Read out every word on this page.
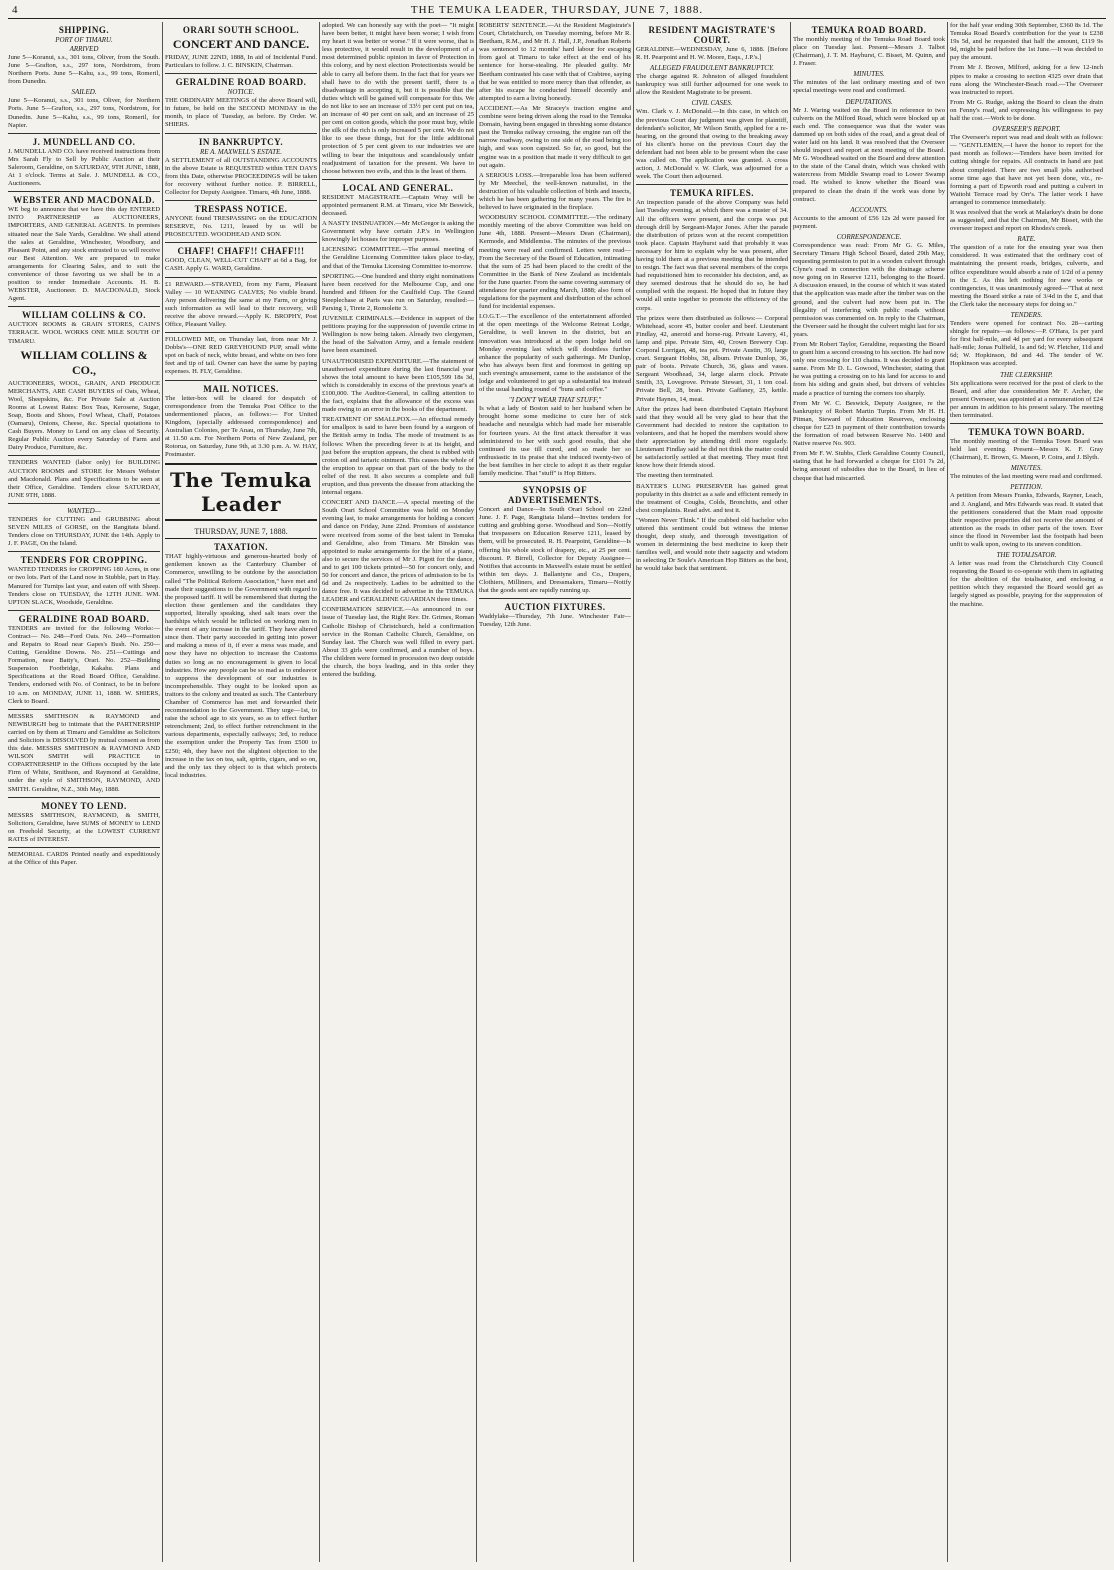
4	THE TEMUKA LEADER, THURSDAY, JUNE 7, 1888.
SHIPPING.
PORT OF TIMARU.
ARRIVED

June 5—Koranui, s.s., 301 tons, Oliver, from the South. June 5—Grafton, s.s., 297 tons, Nordstrom, from Northern Ports. June 5—Kahu, s.s., 99 tons, Romeril, from Dunedin.

SAILED.

June 5—Koranui, s.s., 301 tons, Oliver, for Northern Ports. June 5—Grafton, s.s., 297 tons, Nordstrom, for Dunedin. June 5—Kahu, s.s., 99 tons, Romeril, for Napier.

J. MUNDELL AND CO.

J. MUNDELL AND CO. have received instructions from Mrs Sarah Fly to Sell by Public Auction at their Saleroom, Geraldine, on SATURDAY, 9TH JUNE, 1888, At 1 o'clock. Terms at Sale. J. MUNDELL & CO., Auctioneers.

WEBSTER AND MACDONALD.

WE beg to announce that we have this day ENTERED INTO PARTNERSHIP as AUCTIONEERS, IMPORTERS, AND GENERAL AGENTS. In premises situated near the Sale Yards, Geraldine. We shall attend the sales at Geraldine, Winchester, Woodbury, and Pleasant Point, and any stock entrusted to us will receive our Best Attention. We are prepared to make arrangements for Clearing Sales, and to suit the convenience of those favoring us we shall be in a position to render Immediate Accounts. H. B. WEBSTER, Auctioneer. D. MACDONALD, Stock Agent.

WILLIAM COLLINS & CO.

AUCTION ROOMS & GRAIN STORES, CAIN'S TERRACE. WOOL WORKS ONE MILE SOUTH OF TIMARU.

WILLIAM COLLINS & CO.,

AUCTIONEERS, WOOL, GRAIN, AND PRODUCE MERCHANTS, ARE CASH BUYERS of Oats, Wheat, Wool, Sheepskins, &c. For Private Sale at Auction Rooms at Lowest Rates: Box Teas, Kerosene, Sugar, Soap, Boots and Shoes, Fowl Wheat, Chaff, Potatoes (Oamaru), Onions, Cheese, &c. Special quotations to Cash Buyers. Money to Lend on any class of Security. Regular Public Auction every Saturday of Farm and Dairy Produce, Furniture, &c.

TENDERS WANTED (labor only) for BUILDING AUCTION ROOMS and STORE for Messrs Webster and Macdonald. Plans and Specifications to be seen at their Office, Geraldine. Tenders close SATURDAY, JUNE 9TH, 1888.

WANTED—

TENDERS for CUTTING and GRUBBING about SEVEN MILES of GORSE, on the Rangitata Island. Tenders close on THURSDAY, JUNE the 14th. Apply to J. F. PAGE, On the Island.

TENDERS FOR CROPPING.

WANTED TENDERS for CROPPING 180 Acres, in one or two lots. Part of the Land now in Stubble, part in Hay. Manured for Turnips last year, and eaten off with Sheep. Tenders close on TUESDAY, the 12TH JUNE. WM. UPTON SLACK, Woodside, Geraldine.

GERALDINE ROAD BOARD.

TENDERS are invited for the following Works:— Contract— No. 248—Ford Oats. No. 249—Formation and Repairs to Road near Gapes's Bush. No. 250—Cutting, Geraldine Downs. No. 251—Cuttings and Formation, near Batty's, Orari. No. 252—Building Suspension Footbridge, Kakahu. Plans and Specifications at the Road Board Office, Geraldine. Tenders, endorsed with No. of Contract, to be in before 10 a.m. on MONDAY, JUNE 11, 1888. W. SHIERS, Clerk to Board.

MESSRS SMITHSON & RAYMOND and NEWBURGH beg to intimate that the PARTNERSHIP carried on by them at Timaru and Geraldine as Solicitors and Solicitors is DISSOLVED by mutual consent as from this date. MESSRS SMITHSON & RAYMOND AND WILSON SMITH will PRACTICE in COPARTNERSHIP in the Offices occupied by the late Firm of White, Smithson, and Raymond at Geraldine, under the style of SMITHSON, RAYMOND, AND SMITH. Geraldine, N.Z., 30th May, 1888.

MONEY TO LEND.

MESSRS SMITHSON, RAYMOND, & SMITH, Solicitors, Geraldine, have SUMS of MONEY to LEND on Freehold Security, at the LOWEST CURRENT RATES of INTEREST.

MEMORIAL CARDS Printed neatly and expeditiously at the Office of this Paper.

ORARI SOUTH SCHOOL.
CONCERT AND DANCE.

FRIDAY, JUNE 22ND, 1888, In aid of Incidental Fund. Particulars to follow. J. C. BINSKIN, Chairman.

GERALDINE ROAD BOARD.
NOTICE.

THE ORDINARY MEETINGS of the above Board will, in future, be held on the SECOND MONDAY in the month, in place of Tuesday, as before. By Order. W. SHIERS.

IN BANKRUPTCY.
RE A. MAXWELL'S ESTATE.

A SETTLEMENT of all OUTSTANDING ACCOUNTS in the above Estate is REQUESTED within TEN DAYS from this Date, otherwise PROCEEDINGS will be taken for recovery without further notice. P. BIRRELL, Collector for Deputy Assignee. Timaru, 4th June, 1888.

TRESPASS NOTICE.

ANYONE found TRESPASSING on the EDUCATION RESERVE, No. 1211, leased by us will be PROSECUTED. WOODHEAD AND SON.

CHAFF! CHAFF!! CHAFF!!!

GOOD, CLEAN, WELL-CUT CHAFF at 6d a Bag, for CASH. Apply G. WARD, Geraldine.

£1 REWARD.—STRAYED, from my Farm, Pleasant Valley — 10 WEANING CALVES; No visible brand. Any person delivering the same at my Farm, or giving such information as will lead to their recovery, will receive the above reward.—Apply K. BROPHY, Post Office, Pleasant Valley.

FOLLOWED ME, on Thursday last, from near Mr J. Dobbs's—ONE RED GREYHOUND PUP, small white spot on back of neck, white breast, and white on two fore feet and tip of tail. Owner can have the same by paying expenses. H. FLY, Geraldine.

MAIL NOTICES.

The letter-box will be cleared for despatch of correspondence from the Temuka Post Office to the undermentioned places, as follows:— For United Kingdom, (specially addressed correspondence) and Australian Colonies, per Te Anau, on Thursday, June 7th, at 11.50 a.m. For Northern Ports of New Zealand, per Rotorua, on Saturday, June 9th, at 3.30 p.m. A. W. HAY, Postmaster.

The Temuka Leader
THURSDAY, JUNE 7, 1888.
TAXATION.

THAT highly-virtuous and generous-hearted body of gentlemen known as the Canterbury Chamber of Commerce, unwilling to be outdone by the association called "The Political Reform Association," have met and made their suggestions to the Government with regard to the proposed tariff. It will be remembered that during the election these gentlemen and the candidates they supported, literally speaking, shed salt tears over the hardships which would be inflicted on working men in the event of any increase in the tariff. They have altered since then. Their party succeeded in getting into power and making a mess of it, if ever a mess was made, and now they have no objection to increase the Customs duties so long as no encouragement is given to local industries. How any people can be so mad as to endeavor to suppress the development of our industries is incomprehensible. They ought to be looked upon as traitors to the colony and treated as such. The Canterbury Chamber of Commerce has met and forwarded their recommendation to the Government. They urge—1st, to raise the school age to six years, so as to effect further retrenchment; 2nd, to effect further retrenchment in the various departments, especially railways; 3rd, to reduce the exemption under the Property Tax from £500 to £250; 4th, they have not the slightest objection to the increase in the tax on tea, salt, spirits, cigars, and so on, and the only tax they object to is that which protects local industries.

adopted. We can honestly say with the poet— "It might have been better, it might have been worse; I wish from my heart it was better or worse." If it were worse, that is less protective, it would result in the development of a most determined public opinion in favor of Protection in this colony, and by next election Protectionists would be able to carry all before them. In the fact that for years we shall have to do with the present tariff, there is a disadvantage in accepting it, but it is possible that the duties which will be gained will compensate for this. We do not like to see an increase of 33½ per cent put on tea, an increase of 40 per cent on salt, and an increase of 25 per cent on cotton goods, which the poor must buy, while the silk of the rich is only increased 5 per cent. We do not like to see these things, but for the little additional protection of 5 per cent given to our industries we are willing to bear the iniquitous and scandalously unfair readjustment of taxation for the present. We have to choose between two evils, and this is the least of them.

LOCAL AND GENERAL.

RESIDENT MAGISTRATE.—Captain Wray will be appointed permanent R.M. at Timaru, vice Mr Beswick, deceased.

A NASTY INSINUATION.—Mr McGregor is asking the Government why have certain J.P.'s in Wellington knowingly let houses for improper purposes.

LICENSING COMMITTEE.—The annual meeting of the Geraldine Licensing Committee takes place to-day, and that of the Temuka Licensing Committee to-morrow.

SPORTING.—One hundred and thirty eight nominations have been received for the Melbourne Cup, and one hundred and fifteen for the Caulfield Cup. The Grand Steeplechase at Paris was run on Saturday, resulted:—Parsing 1, Tirete 2, Romolette 3.

JUVENILE CRIMINALS.—Evidence in support of the petitions praying for the suppression of juvenile crime in Wellington is now being taken. Already two clergymen, the head of the Salvation Army, and a female resident have been examined.

UNAUTHORISED EXPENDITURE.—The statement of unauthorised expenditure during the last financial year shows the total amount to have been £105,599 18s 3d, which is considerably in excess of the previous year's at £100,000. The Auditor-General, in calling attention to the fact, explains that the allowance of the excess was made owing to an error in the books of the department.

TREATMENT OF SMALLPOX.—An effectual remedy for smallpox is said to have been found by a surgeon of the British army in India. The mode of treatment is as follows: When the preceding fever is at its height, and just before the eruption appears, the chest is rubbed with croton oil and tartaric ointment. This causes the whole of the eruption to appear on that part of the body to the relief of the rest. It also secures a complete and full eruption, and thus prevents the disease from attacking the internal organs.

CONCERT AND DANCE.—A special meeting of the South Orari School Committee was held on Monday evening last, to make arrangements for holding a concert and dance on Friday, June 22nd. Promises of assistance were received from some of the best talent in Temuka and Geraldine, also from Timaru. Mr Binskin was appointed to make arrangements for the hire of a piano, also to secure the services of Mr J. Pigott for the dance, and to get 100 tickets printed—50 for concert only, and 50 for concert and dance, the prices of admission to be 1s 6d and 2s respectively. Ladies to be admitted to the dance free. It was decided to advertise in the TEMUKA LEADER and GERALDINE GUARDIAN three times.

CONFIRMATION SERVICE.—As announced in our issue of Tuesday last, the Right Rev. Dr. Grimes, Roman Catholic Bishop of Christchurch, held a confirmation service in the Roman Catholic Church, Geraldine, on Sunday last. The Church was well filled in every part. About 33 girls were confirmed, and a number of boys. The children were formed in procession two deep outside the church, the boys leading, and in this order they entered the building.

ROBERTS' SENTENCE.—At the Resident Magistrate's Court, Christchurch, on Tuesday morning, before Mr R. Beetham, R.M., and Mr H. J. Hall, J.P., Jonathan Roberts was sentenced to 12 months' hard labour for escaping from gaol at Timaru to take effect at the end of his sentence for horse-stealing. He pleaded guilty. Mr Beetham contrasted his case with that of Crabtree, saying that he was entitled to more mercy than that offender, as after his escape he conducted himself decently and attempted to earn a living honestly.

ACCIDENT.—As Mr Stracey's traction engine and combine were being driven along the road to the Temuka Domain, having been engaged in threshing some distance past the Temuka railway crossing, the engine ran off the narrow roadway, owing to one side of the road being too high, and was soon capsized. So far, so good, but the engine was in a position that made it very difficult to get out again.

A SERIOUS LOSS.—Irreparable loss has been suffered by Mr Meechel, the well-known naturalist, in the destruction of his valuable collection of birds and insects, which he has been gathering for many years. The fire is believed to have originated in the fireplace.

WOODBURY SCHOOL COMMITTEE.—The ordinary monthly meeting of the above Committee was held on June 4th, 1888. Present—Messrs Dean (Chairman), Kermode, and Middlemiss. The minutes of the previous meeting were read and confirmed. Letters were read—From the Secretary of the Board of Education, intimating that the sum of 25 had been placed to the credit of the Committee in the Bank of New Zealand as incidentals for the June quarter. From the same covering summary of attendance for quarter ending March, 1888; also form of regulations for the payment and distribution of the school fund for incidental expenses.

I.O.G.T.—The excellence of the entertainment afforded at the open meetings of the Welcome Retreat Lodge, Geraldine, is well known in the district, but an innovation was introduced at the open lodge held on Monday evening last which will doubtless further enhance the popularity of such gatherings. Mr Dunlop, who has always been first and foremost in getting up such evening's amusement, came to the assistance of the lodge and volunteered to get up a substantial tea instead of the usual handing round of "buns and coffee."

"I DON'T WEAR THAT STUFF,"

Is what a lady of Boston said to her husband when he brought home some medicine to cure her of sick headache and neuralgia which had made her miserable for fourteen years. At the first attack thereafter it was administered to her with such good results, that she continued its use till cured, and so made her so enthusiastic in its praise that she induced twenty-two of the best families in her circle to adopt it as their regular family medicine. That "stuff" is Hop Bitters.

SYNOPSIS OF ADVERTISEMENTS.

Concert and Dance—In South Orari School on 22nd June. J. F. Page, Rangitata Island—Invites tenders for cutting and grubbing gorse. Woodhead and Son—Notify that trespassers on Education Reserve 1211, leased by them, will be prosecuted. R. H. Pearpoint, Geraldine—Is offering his whole stock of drapery, etc., at 25 per cent. discount. P. Birrell, Collector for Deputy Assignee—Notifies that accounts in Maxwell's estate must be settled within ten days. J. Ballantyne and Co., Drapers, Clothiers, Milliners, and Dressmakers, Timaru—Notify that the goods sent are rapidly running up.

AUCTION FIXTURES.

Waddylake—Thursday, 7th June. Winchester Fair—Tuesday, 12th June.

RESIDENT MAGISTRATE'S COURT.

GERALDINE—WEDNESDAY, June 6, 1888. [Before R. H. Pearpoint and H. W. Moore, Esqs., J.P.'s.]

ALLEGED FRAUDULENT BANKRUPTCY.

The charge against R. Johnston of alleged fraudulent bankruptcy was still further adjourned for one week to allow the Resident Magistrate to be present.

CIVIL CASES.

Wm. Clark v. J. McDonald.—In this case, in which on the previous Court day judgment was given for plaintiff, defendant's solicitor, Mr Wilson Smith, applied for a re-hearing, on the ground that owing to the breaking away of his client's horse on the previous Court day the defendant had not been able to be present when the case was called on. The application was granted. A cross action, J. McDonald v. W. Clark, was adjourned for a week. The Court then adjourned.

TEMUKA RIFLES.

An inspection parade of the above Company was held last Tuesday evening, at which there was a muster of 34. All the officers were present, and the corps was put through drill by Sergeant-Major Jones. After the parade the distribution of prizes won at the recent competition took place. Captain Hayhurst said that probably it was necessary for him to explain why he was present, after having told them at a previous meeting that he intended to resign. The fact was that several members of the corps had requisitioned him to reconsider his decision, and, as they seemed desirous that he should do so, he had complied with the request. He hoped that in future they would all unite together to promote the efficiency of the corps.

The prizes were then distributed as follows:— Corporal Whitehead, score 45, butter cooler and beef. Lieutenant Findlay, 42, aneroid and horse-rug. Private Lavery, 41, lamp and pipe. Private Sim, 40, Crown Brewery Cup. Corporal Lorrigan, 48, tea pot. Private Austin, 39, large cruet. Sergeant Hobbs, 38, album. Private Dunlop, 36, pair of boots. Private Church, 36, glass and vases. Sergeant Woodhead, 34, large alarm clock. Private Smith, 33, Lovegrove. Private Stewart, 31, 1 ton coal. Private Bell, 28, bran. Private Gaffaney, 25, kettle. Private Haynes, 14, meat.

After the prizes had been distributed Captain Hayhurst said that they would all be very glad to hear that the Government had decided to restore the capitation to volunteers, and that he hoped the members would show their appreciation by attending drill more regularly. Lieutenant Findlay said he did not think the matter could be satisfactorily settled at that meeting. They must first know how their friends stood.

The meeting then terminated.

BAXTER'S LUNG PRESERVER has gained great popularity in this district as a safe and efficient remedy in the treatment of Coughs, Colds, Bronchitis, and other chest complaints. Read advt. and test it.

"Women Never Think." If the crabbed old bachelor who uttered this sentiment could but witness the intense thought, deep study, and thorough investigation of women in determining the best medicine to keep their families well, and would note their sagacity and wisdom in selecting Dr Soule's American Hop Bitters as the best, he would take back that sentiment.

TEMUKA ROAD BOARD.

The monthly meeting of the Temuka Road Board took place on Tuesday last. Present—Messrs J. Talbot (Chairman), J. T. M. Hayhurst, C. Bisset, M. Quinn, and J. Fraser.

MINUTES.

The minutes of the last ordinary meeting and of two special meetings were read and confirmed.

DEPUTATIONS.

Mr J. Waring waited on the Board in reference to two culverts on the Milford Road, which were blocked up at each end. The consequence was that the water was dammed up on both sides of the road, and a great deal of water laid on his land. It was resolved that the Overseer should inspect and report at next meeting of the Board. Mr G. Woodhead waited on the Board and drew attention to the state of the Canal drain, which was choked with watercress from Middle Swamp road to Lower Swamp road. He wished to know whether the Board was prepared to clean the drain if the work was done by contract.

ACCOUNTS.

Accounts to the amount of £56 12s 2d were passed for payment.

CORRESPONDENCE.

Correspondence was read: From Mr G. G. Miles, Secretary Timaru High School Board, dated 29th May, requesting permission to put in a wooden culvert through Clyne's road in connection with the drainage scheme now going on in Reserve 1211, belonging to the Board. A discussion ensued, in the course of which it was stated that the application was made after the timber was on the ground, and the culvert had now been put in. The illegality of interfering with public roads without permission was commented on. In reply to the Chairman, the Overseer said he thought the culvert might last for six years.

From Mr Robert Taylor, Geraldine, requesting the Board to grant him a second crossing to his section. He had now only one crossing for 110 chains. It was decided to grant same. From Mr D. L. Gowood, Winchester, stating that he was putting a crossing on to his land for access to and from his siding and grain shed, but drivers of vehicles made a practice of turning the corners too sharply.

From Mr W. C. Beswick, Deputy Assignee, re the bankruptcy of Robert Martin Turpin. From Mr H. H. Pitman, Steward of Education Reserves, enclosing cheque for £23 in payment of their contribution towards the formation of road between Reserve No. 1400 and Native reserve No. 903.

From Mr F. W. Stubbs, Clerk Geraldine County Council, stating that he had forwarded a cheque for £101 7s 2d, being amount of subsidies due to the Board, in lieu of cheque that had miscarried.

for the half year ending 30th September, £360 8s 1d. The Temuka Road Board's contribution for the year is £238 19s 5d, and he requested that half the amount, £119 9s 9d, might be paid before the 1st June.—It was decided to pay the amount.

From Mr J. Brown, Milford, asking for a few 12-inch pipes to make a crossing to section 4325 over drain that runs along the Winchester-Beach road.—The Overseer was instructed to report.

From Mr G. Rudge, asking the Board to clean the drain on Fenny's road, and expressing his willingness to pay half the cost.—Work to be done.

OVERSEER'S REPORT.

The Overseer's report was read and dealt with as follows:— "GENTLEMEN,—I have the honor to report for the past month as follows:—Tenders have been invited for cutting shingle for repairs. All contracts in hand are just about completed. There are two small jobs authorised some time ago that have not yet been done, viz., re-forming a part of Epworth road and putting a culvert in Waitohi Terrace road by Orr's. The latter work I have arranged to commence immediately.

It was resolved that the work at Malarkey's drain be done as suggested, and that the Chairman, Mr Bisset, with the overseer inspect and report on Rhodes's creek.

RATE.

The question of a rate for the ensuing year was then considered. It was estimated that the ordinary cost of maintaining the present roads, bridges, culverts, and office expenditure would absorb a rate of 1/2d of a penny in the £. As this left nothing for new works or contingencies, it was unanimously agreed—"That at next meeting the Board strike a rate of 3/4d in the £, and that the Clerk take the necessary steps for doing so."

TENDERS.

Tenders were opened for contract No. 28—carting shingle for repairs—as follows:—P. O'Hara, 1s per yard for first half-mile, and 4d per yard for every subsequent half-mile; Jonas Fulfield, 1s and 6d; W. Fletcher, 11d and 6d; W. Hopkinson, 8d and 4d. The tender of W. Hopkinson was accepted.

THE CLERKSHIP.

Six applications were received for the post of clerk to the Board, and after due consideration Mr F. Archer, the present Overseer, was appointed at a remuneration of £24 per annum in addition to his present salary. The meeting then terminated.

TEMUKA TOWN BOARD.

The monthly meeting of the Temuka Town Board was held last evening. Present—Messrs K. F. Gray (Chairman), E. Brown, G. Mason, P. Coira, and J. Blyth.

MINUTES.

The minutes of the last meeting were read and confirmed.

PETITION.

A petition from Messrs Franks, Edwards, Rayner, Leach, and J. Angland, and Mrs Edwards was read. It stated that the petitioners considered that the Main road opposite their respective properties did not receive the amount of attention as the roads in other parts of the town. Ever since the flood in November last the footpath had been unfit to walk upon, owing to its uneven condition.

THE TOTALISATOR.

A letter was read from the Christchurch City Council requesting the Board to co-operate with them in agitating for the abolition of the totalisator, and enclosing a petition which they requested the Board would get as largely signed as possible, praying for the suppression of the machine.
